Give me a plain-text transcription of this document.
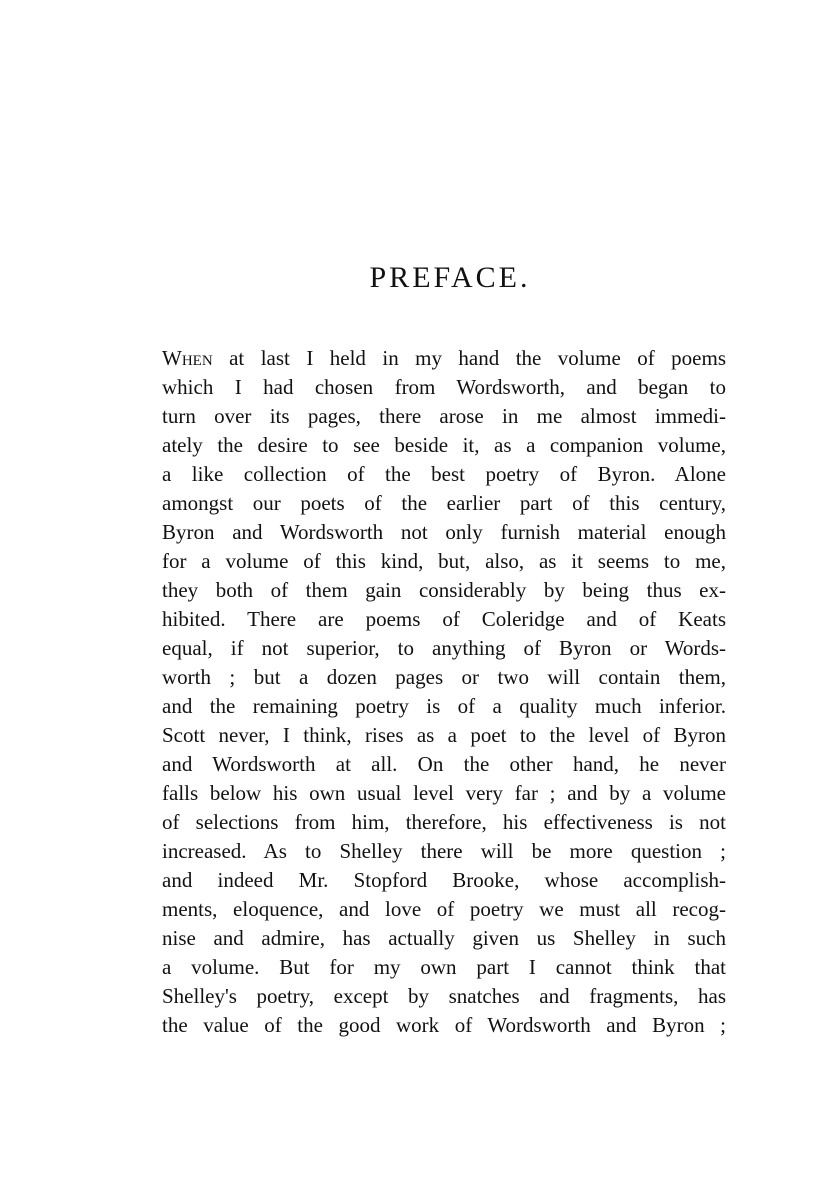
PREFACE.
When at last I held in my hand the volume of poems
which I had chosen from Wordsworth, and began to
turn over its pages, there arose in me almost immedi-
ately the desire to see beside it, as a companion volume,
a like collection of the best poetry of Byron. Alone
amongst our poets of the earlier part of this century,
Byron and Wordsworth not only furnish material enough
for a volume of this kind, but, also, as it seems to me,
they both of them gain considerably by being thus ex-
hibited. There are poems of Coleridge and of Keats
equal, if not superior, to anything of Byron or Words-
worth ; but a dozen pages or two will contain them,
and the remaining poetry is of a quality much inferior.
Scott never, I think, rises as a poet to the level of Byron
and Wordsworth at all. On the other hand, he never
falls below his own usual level very far ; and by a volume
of selections from him, therefore, his effectiveness is not
increased. As to Shelley there will be more question ;
and indeed Mr. Stopford Brooke, whose accomplish-
ments, eloquence, and love of poetry we must all recog-
nise and admire, has actually given us Shelley in such
a volume. But for my own part I cannot think that
Shelley's poetry, except by snatches and fragments, has
the value of the good work of Wordsworth and Byron ;
